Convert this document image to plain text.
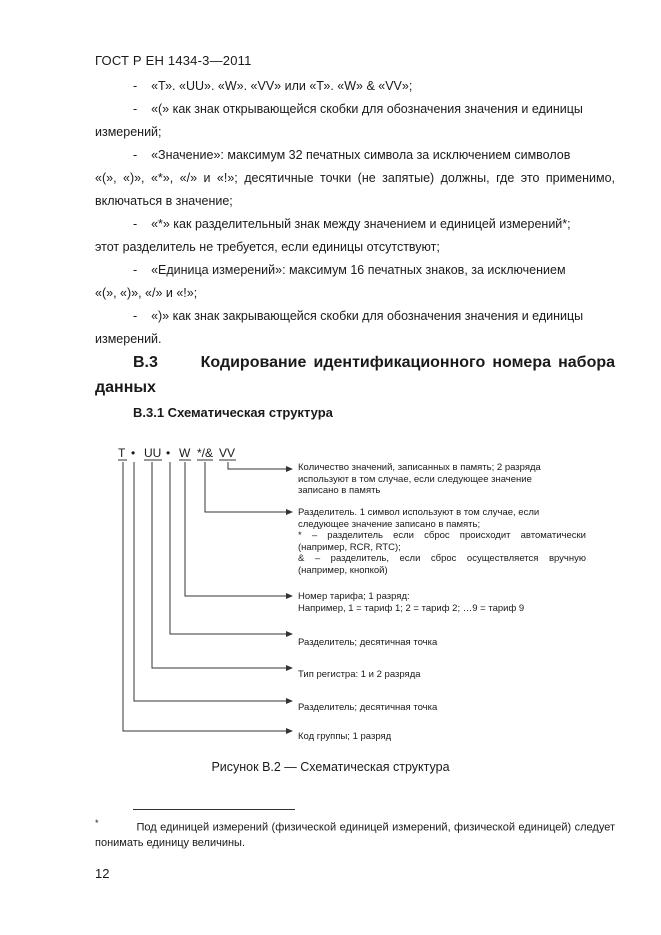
ГОСТ Р ЕН 1434-3—2011
-    «Т». «UU». «W». «VV» или «Т». «W» & «VV»;
-    «(» как знак открывающейся скобки для обозначения значения и единицы
измерений;
-    «Значение»: максимум 32 печатных символа за исключением символов
«(», «)», «*», «/» и «!»; десятичные точки (не запятые) должны, где это применимо,
включаться в значение;
-    «*» как разделительный знак между значением и единицей измерений*;
этот разделитель не требуется, если единицы отсутствуют;
-    «Единица измерений»: максимум 16 печатных знаков, за исключением
«(», «)», «/» и «!»;
-    «)» как знак закрывающейся скобки для обозначения значения и единицы
измерений.
В.3	Кодирование идентификационного номера набора данных
В.3.1 Схематическая структура
T • UU • W */& VV
Количество значений, записанных в память; 2 разряда
используют в том случае, если следующее значение
записано в память
Разделитель. 1 символ используют в том случае, если
следующее значение записано в память;
* – разделитель если сброс происходит автоматически
(например, RCR, RTC);
& – разделитель, если сброс осуществляется вручную
(например, кнопкой)
Номер тарифа; 1 разряд:
Например, 1 = тариф 1; 2 = тариф 2; …9 = тариф 9
Разделитель; десятичная точка
Тип регистра: 1 и 2 разряда
Разделитель; десятичная точка
Код группы; 1 разряд
Рисунок В.2 — Схематическая структура
*	Под единицей измерений (физической единицей измерений, физической единицей) следует понимать единицу величины.
12
